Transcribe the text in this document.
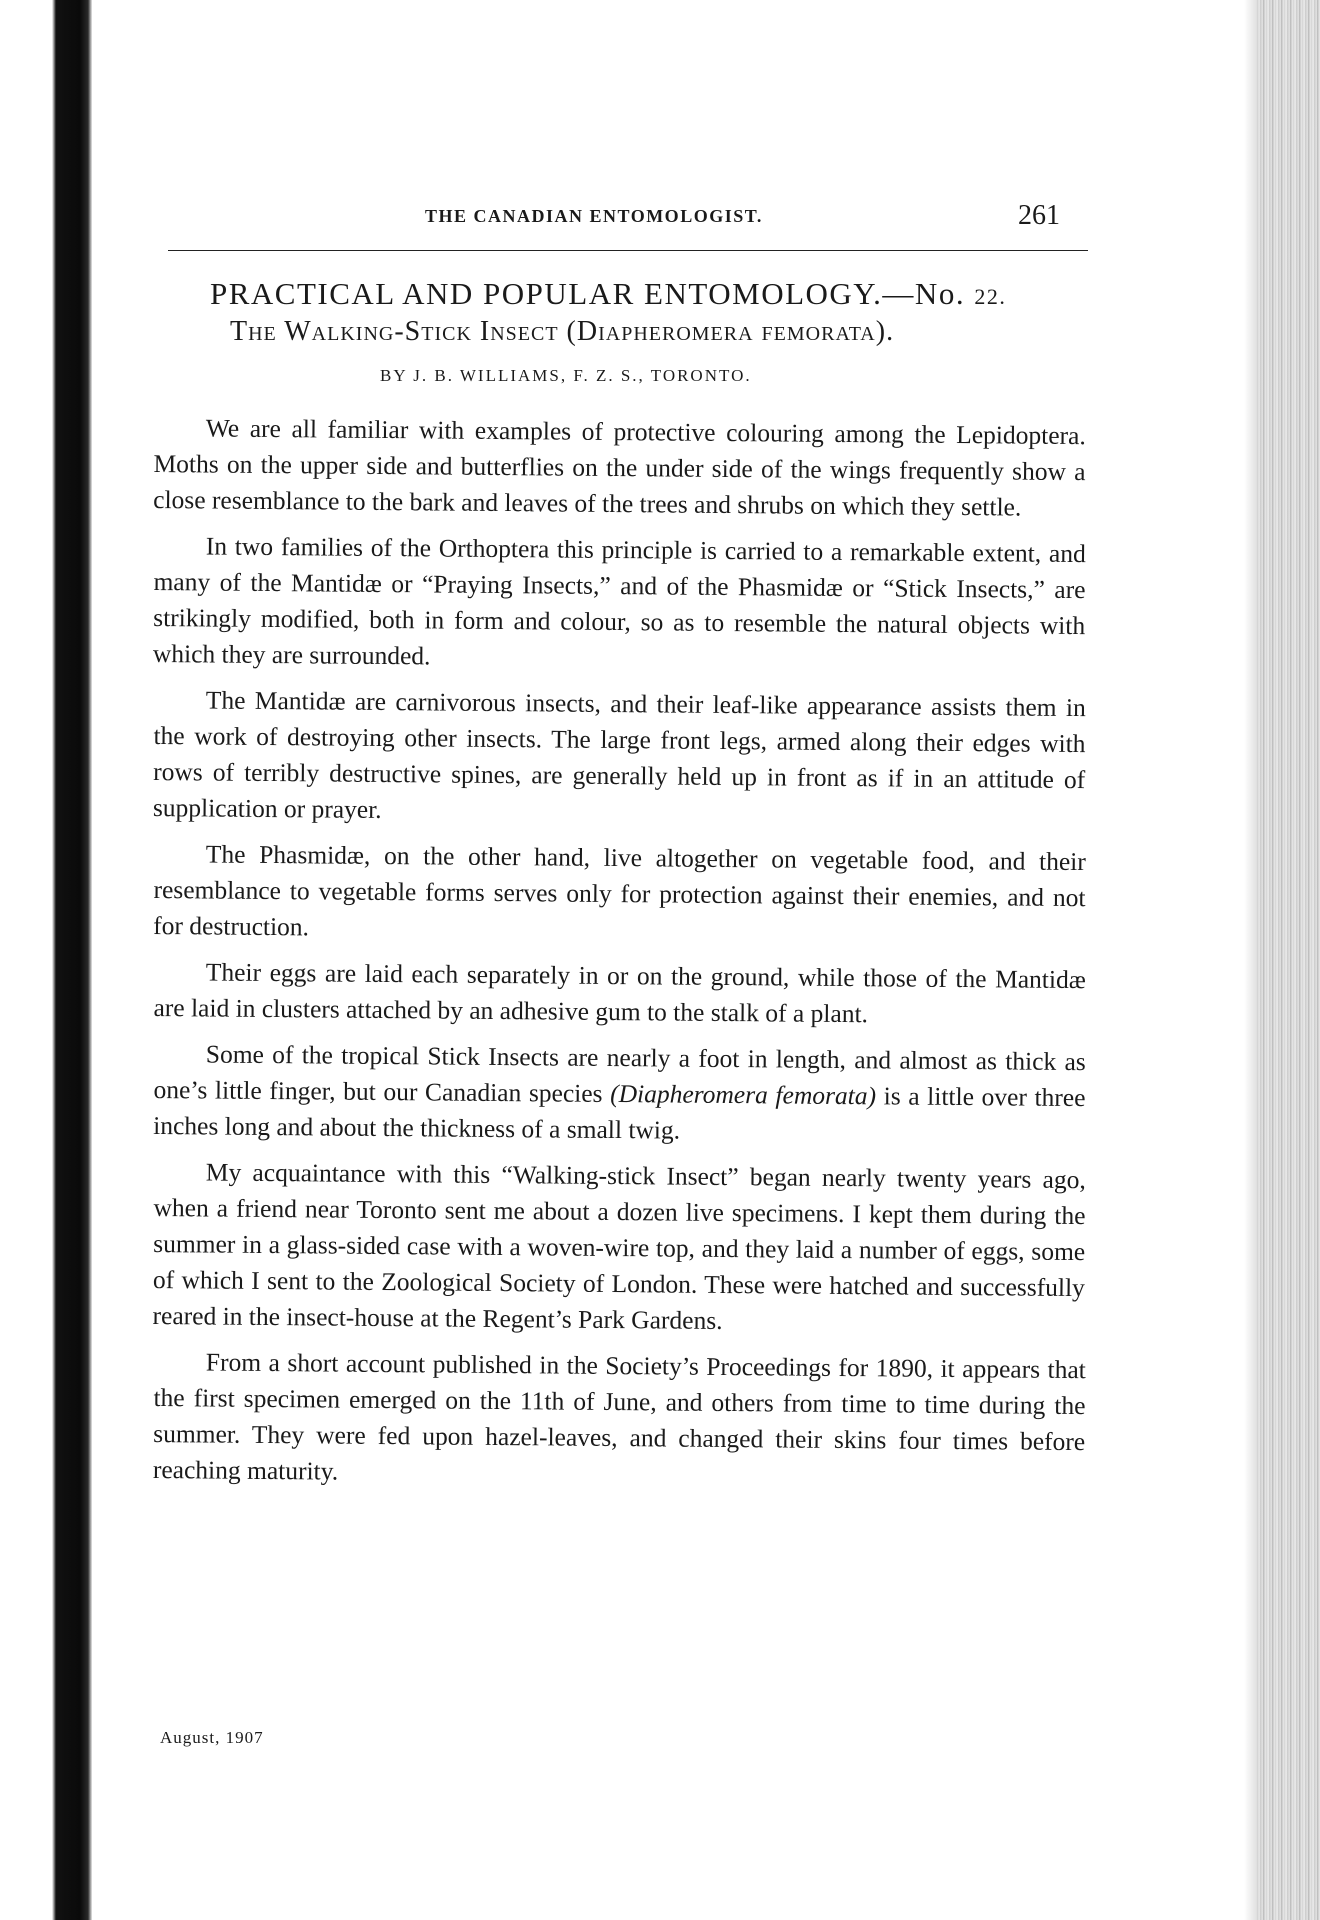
THE CANADIAN ENTOMOLOGIST.	261
PRACTICAL AND POPULAR ENTOMOLOGY.—No. 22.
The Walking-Stick Insect (Diapheromera femorata).
BY J. B. WILLIAMS, F. Z. S., TORONTO.

We are all familiar with examples of protective colouring among the Lepidoptera. Moths on the upper side and butterflies on the under side of the wings frequently show a close resemblance to the bark and leaves of the trees and shrubs on which they settle.

In two families of the Orthoptera this principle is carried to a remarkable extent, and many of the Mantidæ or “Praying Insects,” and of the Phasmidæ or “Stick Insects,” are strikingly modified, both in form and colour, so as to resemble the natural objects with which they are surrounded.

The Mantidæ are carnivorous insects, and their leaf-like appearance assists them in the work of destroying other insects. The large front legs, armed along their edges with rows of terribly destructive spines, are generally held up in front as if in an attitude of supplication or prayer.

The Phasmidæ, on the other hand, live altogether on vegetable food, and their resemblance to vegetable forms serves only for protection against their enemies, and not for destruction.

Their eggs are laid each separately in or on the ground, while those of the Mantidæ are laid in clusters attached by an adhesive gum to the stalk of a plant.

Some of the tropical Stick Insects are nearly a foot in length, and almost as thick as one’s little finger, but our Canadian species (Diapheromera femorata) is a little over three inches long and about the thickness of a small twig.

My acquaintance with this “Walking-stick Insect” began nearly twenty years ago, when a friend near Toronto sent me about a dozen live specimens. I kept them during the summer in a glass-sided case with a woven-wire top, and they laid a number of eggs, some of which I sent to the Zoological Society of London. These were hatched and successfully reared in the insect-house at the Regent’s Park Gardens.

From a short account published in the Society’s Proceedings for 1890, it appears that the first specimen emerged on the 11th of June, and others from time to time during the summer. They were fed upon hazel-leaves, and changed their skins four times before reaching maturity.

August, 1907
